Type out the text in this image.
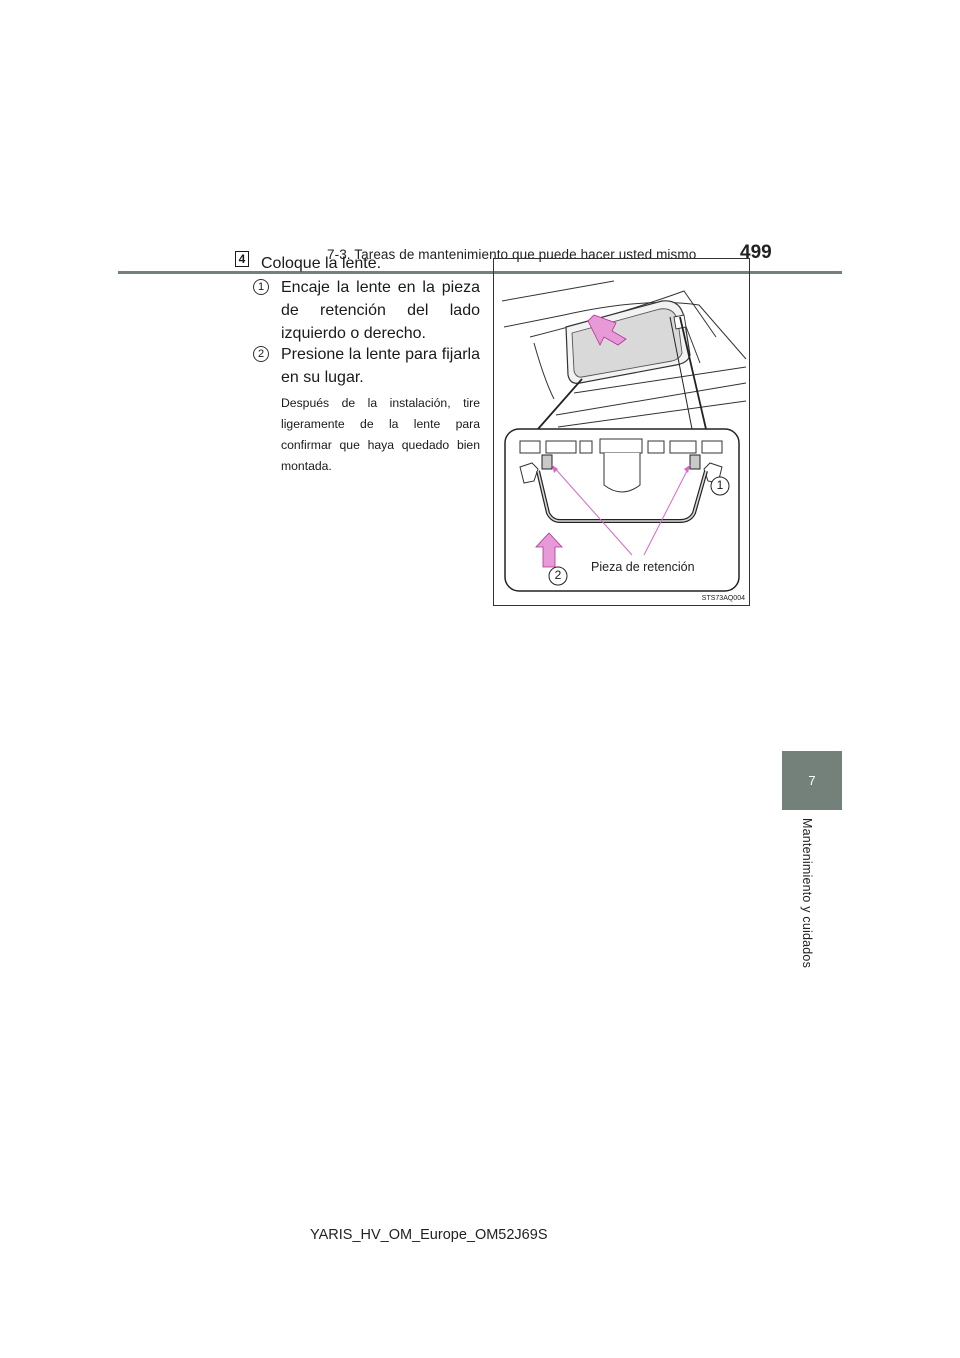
7-3. Tareas de mantenimiento que puede hacer usted mismo 499
7
Mantenimiento y cuidados
4 Coloque la lente.
1 Encaje la lente en la pieza de retención del lado izquierdo o derecho.
2 Presione la lente para fijarla en su lugar.
Después de la instalación, tire ligeramente de la lente para confirmar que haya quedado bien montada.
1
2
Pieza de retención
STS73AQ004
YARIS_HV_OM_Europe_OM52J69S
